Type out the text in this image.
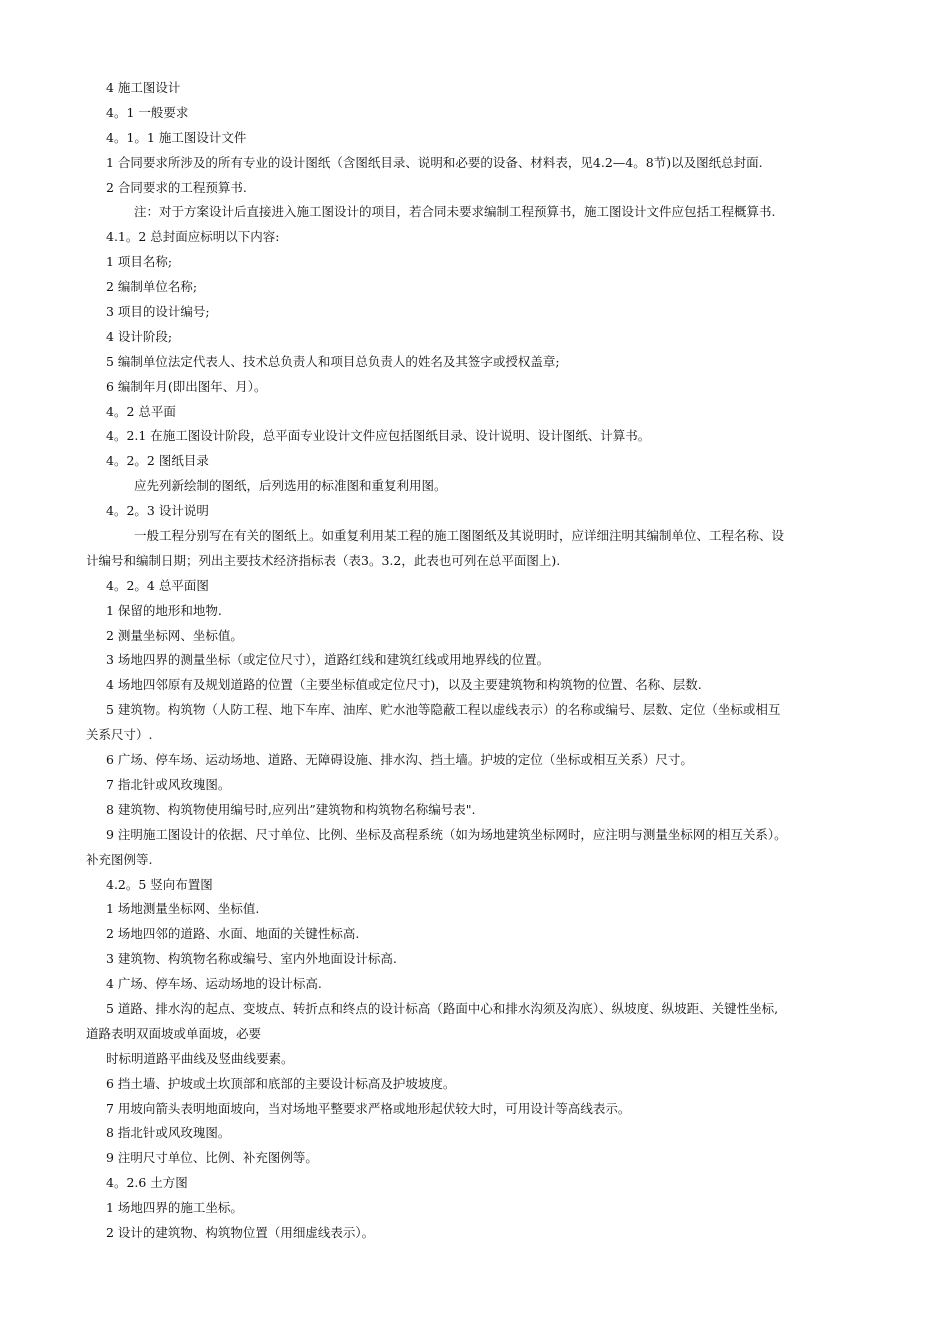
4 施工图设计
4。1 一般要求
4。1。1 施工图设计文件
1 合同要求所涉及的所有专业的设计图纸（含图纸目录、说明和必要的设备、材料表，见4.2—4。8节)以及图纸总封面.
2 合同要求的工程预算书.
注：对于方案设计后直接进入施工图设计的项目，若合同未要求编制工程预算书，施工图设计文件应包括工程概算书.
4.1。2 总封面应标明以下内容:
1 项目名称;
2 编制单位名称;
3 项目的设计编号;
4 设计阶段;
5 编制单位法定代表人、技术总负责人和项目总负责人的姓名及其签字或授权盖章;
6 编制年月(即出图年、月）。
4。2 总平面
4。2.1 在施工图设计阶段，总平面专业设计文件应包括图纸目录、设计说明、设计图纸、计算书。
4。2。2 图纸目录
应先列新绘制的图纸，后列选用的标准图和重复利用图。
4。2。3 设计说明
一般工程分别写在有关的图纸上。如重复利用某工程的施工图图纸及其说明时，应详细注明其编制单位、工程名称、设
计编号和编制日期；列出主要技术经济指标表（表3。3.2，此表也可列在总平面图上).
4。2。4 总平面图
1 保留的地形和地物.
2 测量坐标网、坐标值。
3 场地四界的测量坐标（或定位尺寸），道路红线和建筑红线或用地界线的位置。
4 场地四邻原有及规划道路的位置（主要坐标值或定位尺寸)，以及主要建筑物和构筑物的位置、名称、层数.
5 建筑物。构筑物（人防工程、地下车库、油库、贮水池等隐蔽工程以虚线表示）的名称或编号、层数、定位（坐标或相互
关系尺寸）.
6 广场、停车场、运动场地、道路、无障碍设施、排水沟、挡土墙。护坡的定位（坐标或相互关系）尺寸。
7 指北针或风玫瑰图。
8 建筑物、构筑物使用编号时,应列出”建筑物和构筑物名称编号表".
9 注明施工图设计的依据、尺寸单位、比例、坐标及高程系统（如为场地建筑坐标网时，应注明与测量坐标网的相互关系）。
补充图例等.
4.2。5 竖向布置图
1 场地测量坐标网、坐标值.
2 场地四邻的道路、水面、地面的关键性标高.
3 建筑物、构筑物名称或编号、室内外地面设计标高.
4 广场、停车场、运动场地的设计标高.
5 道路、排水沟的起点、变坡点、转折点和终点的设计标高（路面中心和排水沟须及沟底）、纵坡度、纵坡距、关键性坐标,
道路表明双面坡或单面坡，必要
时标明道路平曲线及竖曲线要素。
6 挡土墙、护坡或土坎顶部和底部的主要设计标高及护坡坡度。
7 用坡向箭头表明地面坡向，当对场地平整要求严格或地形起伏较大时，可用设计等高线表示。
8 指北针或风玫瑰图。
9 注明尺寸单位、比例、补充图例等。
4。2.6 土方图
1 场地四界的施工坐标。
2 设计的建筑物、构筑物位置（用细虚线表示）。
